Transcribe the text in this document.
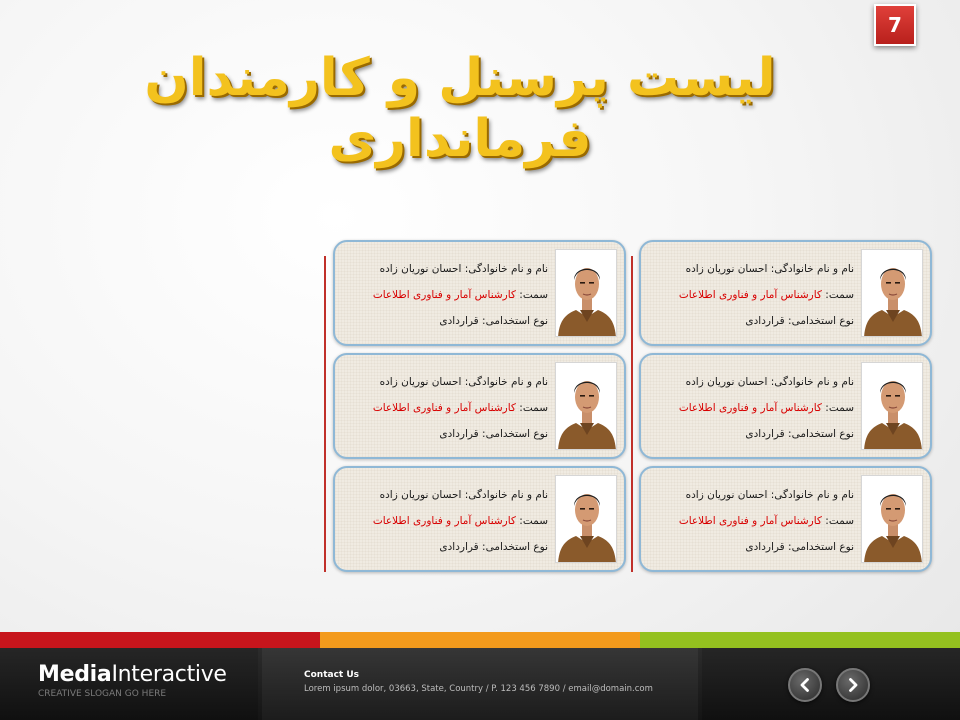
7
لیست پرسنل و کارمندان
فرمانداری
نام و نام خانوادگی: احسان نوریان زاده
سمت: کارشناس آمار و فناوری اطلاعات
نوع استخدامی: قراردادی
نام و نام خانوادگی: احسان نوریان زاده
سمت: کارشناس آمار و فناوری اطلاعات
نوع استخدامی: قراردادی
نام و نام خانوادگی: احسان نوریان زاده
سمت: کارشناس آمار و فناوری اطلاعات
نوع استخدامی: قراردادی
نام و نام خانوادگی: احسان نوریان زاده
سمت: کارشناس آمار و فناوری اطلاعات
نوع استخدامی: قراردادی
نام و نام خانوادگی: احسان نوریان زاده
سمت: کارشناس آمار و فناوری اطلاعات
نوع استخدامی: قراردادی
نام و نام خانوادگی: احسان نوریان زاده
سمت: کارشناس آمار و فناوری اطلاعات
نوع استخدامی: قراردادی
MediaInteractive
CREATIVE SLOGAN GO HERE
Contact Us
Lorem ipsum dolor, 03663, State, Country / P. 123 456 7890 / email@domain.com
